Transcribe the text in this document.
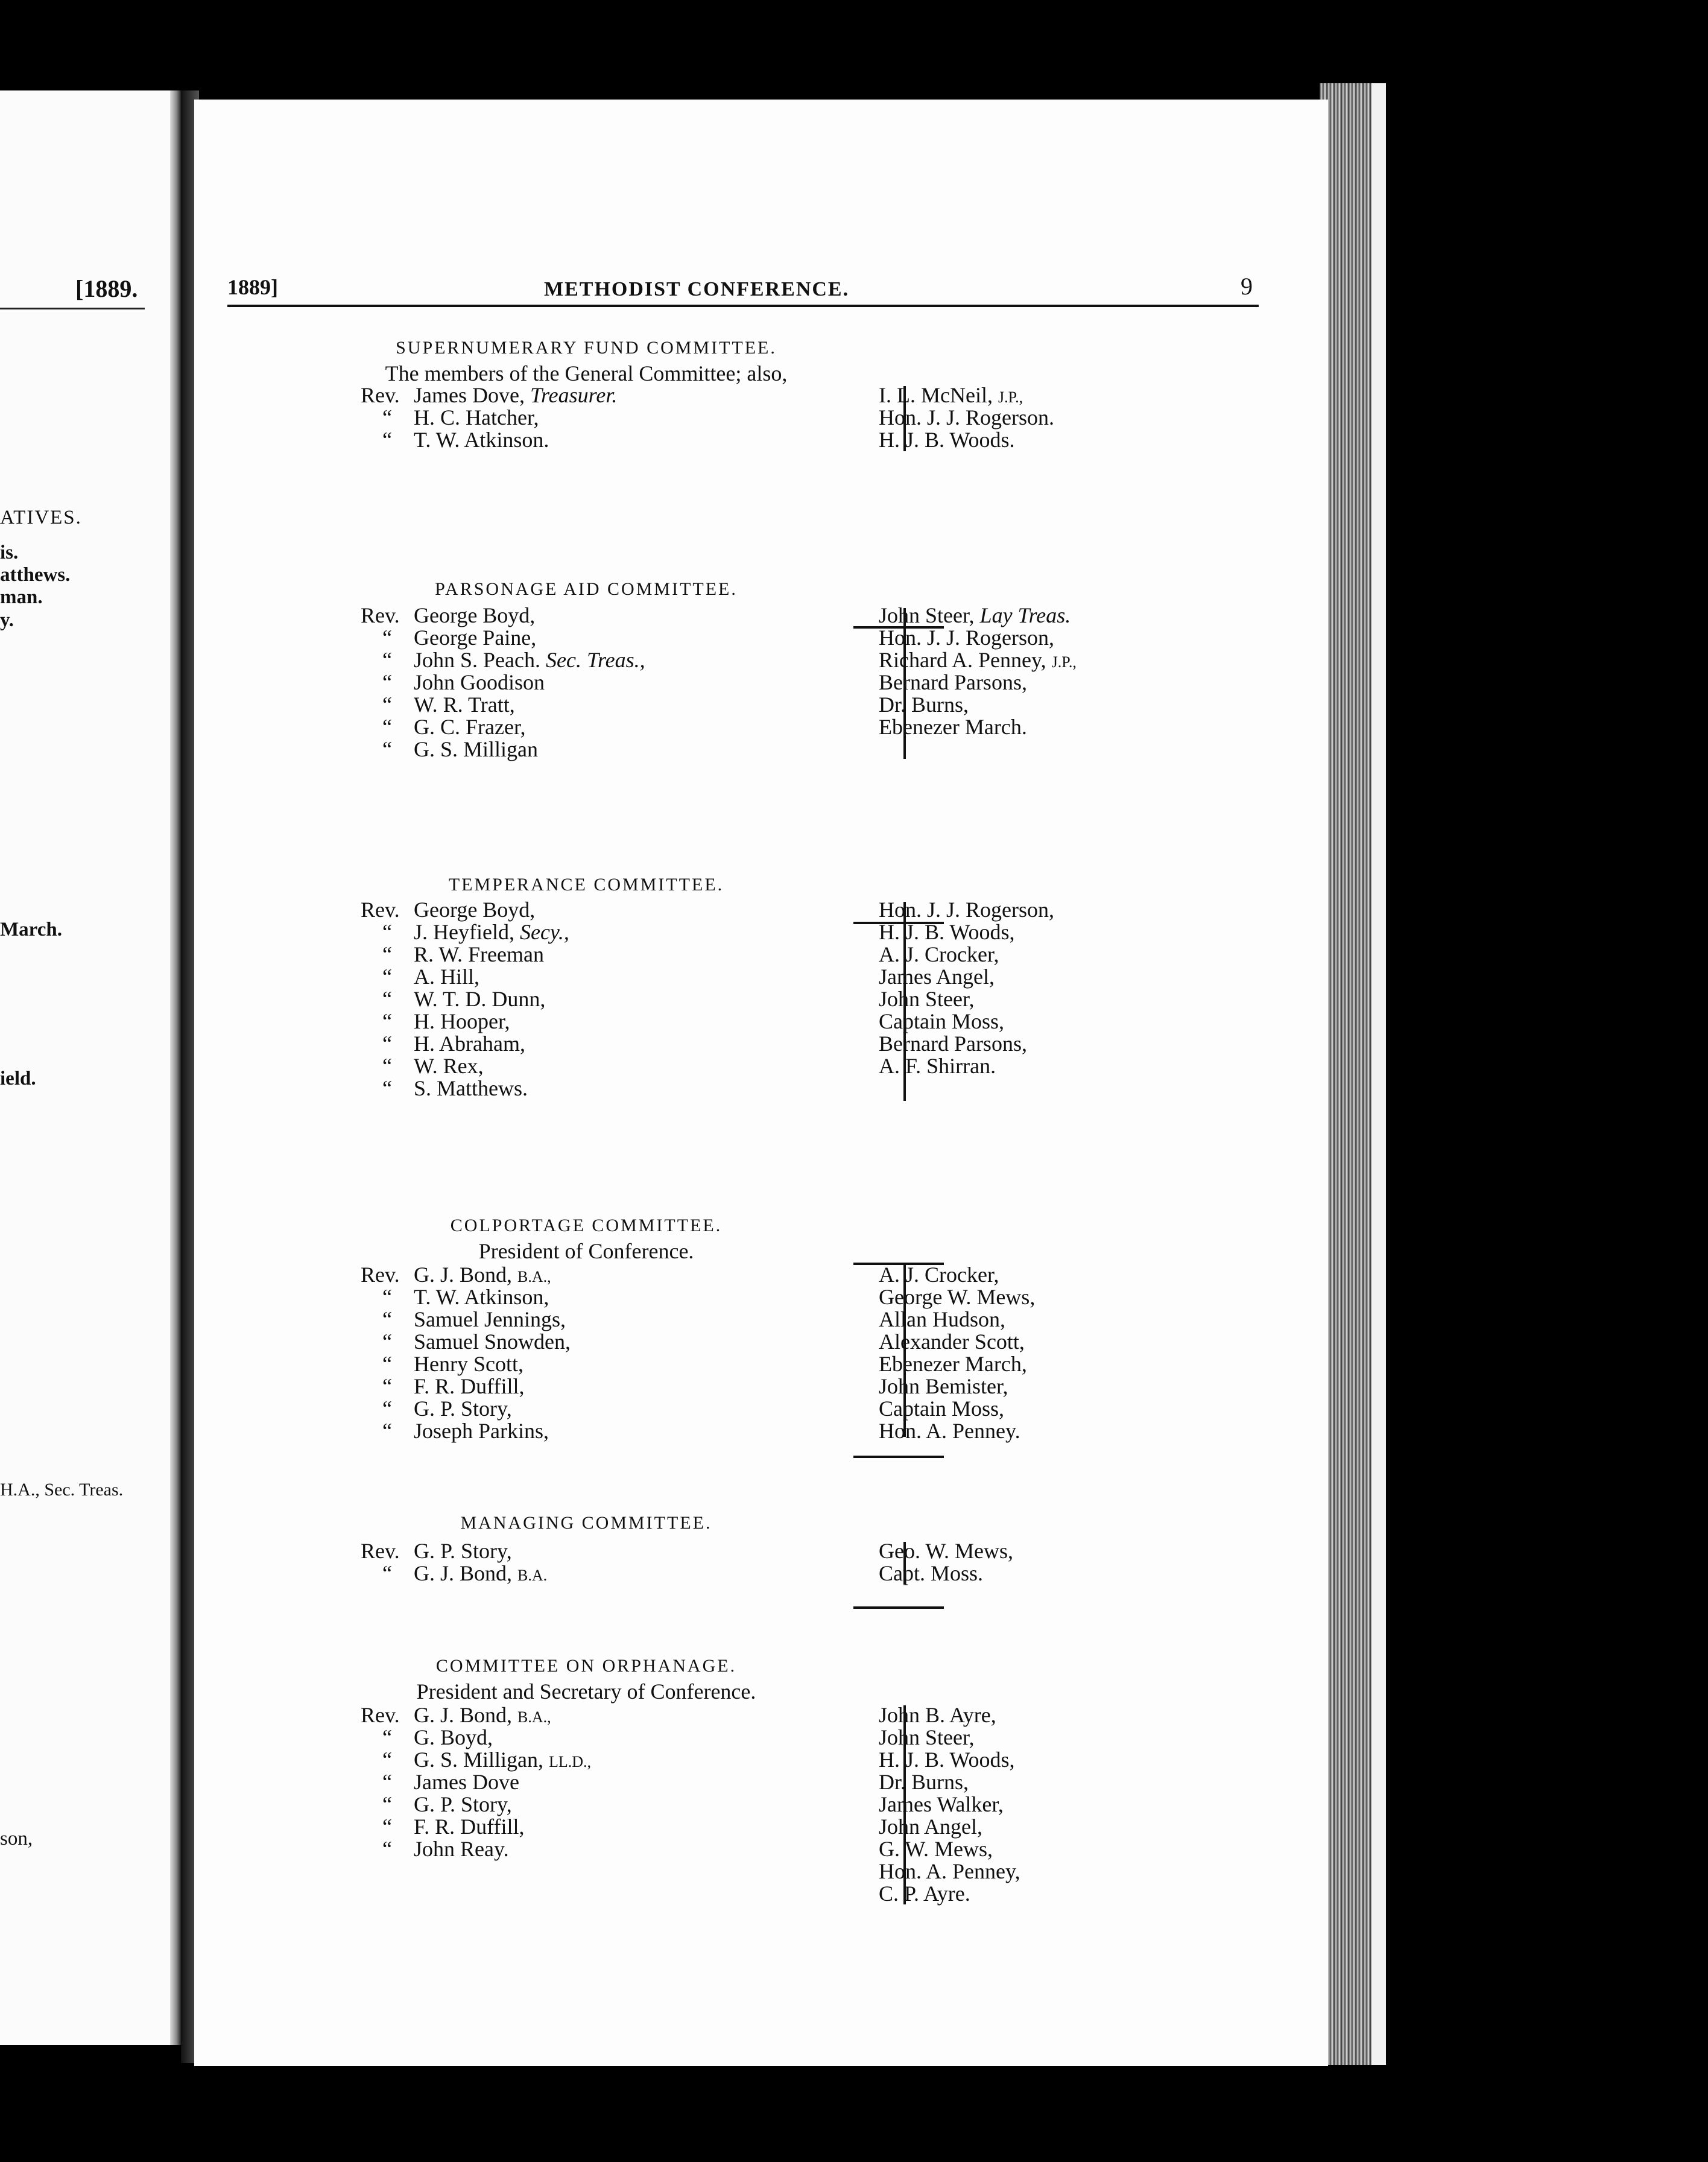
[1889.
ATIVES.
is.
atthews.
man.
y.
March.
ield.
H.A., Sec. Treas.
son,
1889]	METHODIST CONFERENCE.	9
SUPERNUMERARY FUND COMMITTEE.
The members of the General Committee; also,
Rev. James Dove, Treasurer.
“ H. C. Hatcher,
“ T. W. Atkinson.
I. L. McNeil, J.P.,
Hon. J. J. Rogerson.
H. J. B. Woods.
PARSONAGE AID COMMITTEE.
Rev. George Boyd,
“ George Paine,
“ John S. Peach. Sec. Treas.,
“ John Goodison
“ W. R. Tratt,
“ G. C. Frazer,
“ G. S. Milligan
John Steer, Lay Treas.
Hon. J. J. Rogerson,
Richard A. Penney, J.P.,
Bernard Parsons,
Dr. Burns,
Ebenezer March.
TEMPERANCE COMMITTEE.
Rev. George Boyd,
“ J. Heyfield, Secy.,
“ R. W. Freeman
“ A. Hill,
“ W. T. D. Dunn,
“ H. Hooper,
“ H. Abraham,
“ W. Rex,
“ S. Matthews.
Hon. J. J. Rogerson,
H. J. B. Woods,
A. J. Crocker,
James Angel,
John Steer,
Captain Moss,
Bernard Parsons,
A. F. Shirran.
COLPORTAGE COMMITTEE.
President of Conference.
Rev. G. J. Bond, B.A.,
“ T. W. Atkinson,
“ Samuel Jennings,
“ Samuel Snowden,
“ Henry Scott,
“ F. R. Duffill,
“ G. P. Story,
“ Joseph Parkins,
A. J. Crocker,
George W. Mews,
Allan Hudson,
Alexander Scott,
Ebenezer March,
John Bemister,
Captain Moss,
Hon. A. Penney.
MANAGING COMMITTEE.
Rev. G. P. Story,
“ G. J. Bond, B.A.
Geo. W. Mews,
Capt. Moss.
COMMITTEE ON ORPHANAGE.
President and Secretary of Conference.
Rev. G. J. Bond, B.A.,
“ G. Boyd,
“ G. S. Milligan, LL.D.,
“ James Dove
“ G. P. Story,
“ F. R. Duffill,
“ John Reay.
John B. Ayre,
John Steer,
H. J. B. Woods,
Dr. Burns,
James Walker,
John Angel,
G. W. Mews,
Hon. A. Penney,
C. P. Ayre.
